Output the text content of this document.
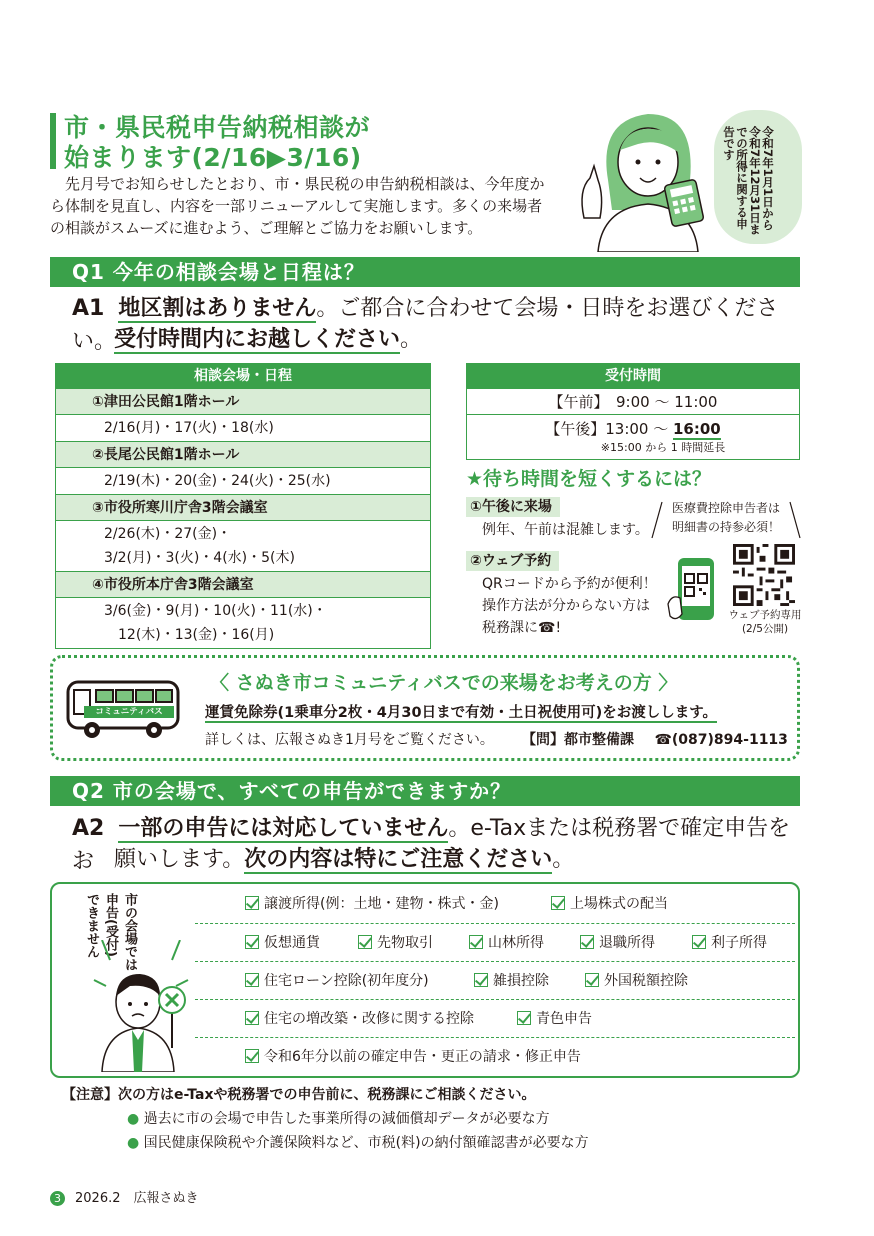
市・県民税申告納税相談が
始まります(2/16▶3/16)
　先月号でお知らせしたとおり、市・県民税の申告納税相談は、今年度から体制を見直し、内容を一部リニューアルして実施します。多くの来場者の相談がスムーズに進むよう、ご理解とご協力をお願いします。	令和7年1月1日から令和7年12月31日までの所得に関する申告です
Q1 今年の相談会場と日程は？
A1 地区割はありません。ご都合に合わせて会場・日時をお選びください。
受付時間内にお越しください。
相談会場・日程
①津田公民館1階ホール
2/16(月)・17(火)・18(水)
②長尾公民館1階ホール
2/19(木)・20(金)・24(火)・25(水)
③市役所寒川庁舎3階会議室
2/26(木)・27(金)・
3/2(月)・3(火)・4(水)・5(木)
④市役所本庁舎3階会議室
3/6(金)・9(月)・10(火)・11(水)・
　12(木)・13(金)・16(月)
受付時間
【午前】　9:00 ～ 11:00
【午後】13:00 ～ 16:00
※15:00 から 1 時間延長
★待ち時間を短くするには？
①午後に来場
例年、午前は混雑します。
医療費控除申告者は
明細書の持参必須！
②ウェブ予約
QRコードから予約が便利！
操作方法が分からない方は
税務課に☎!
ウェブ予約専用
(2/5公開)
コミュニティバス
〈 さぬき市コミュニティバスでの来場をお考えの方 〉
運賃免除券(1乗車分2枚・4月30日まで有効・土日祝使用可)をお渡しします。
詳しくは、広報さぬき1月号をご覧ください。 【問】都市整備課 ☎(087)894-1113
Q2 市の会場で、すべての申告ができますか？
A2 一部の申告には対応していません。e-Taxまたは税務署で確定申告をお 願いします。次の内容は特にご注意ください。
市の会場では
申告(受付)
できません	譲渡所得(例：土地・建物・株式・金)	上場株式の配当
仮想通貨	先物取引	山林所得	退職所得	利子所得
住宅ローン控除(初年度分)	雑損控除	外国税額控除
住宅の増改築・改修に関する控除	青色申告
令和6年分以前の確定申告・更正の請求・修正申告
【注意】次の方はe-Taxや税務署での申告前に、税務課にご相談ください。
● 過去に市の会場で申告した事業所得の減価償却データが必要な方
● 国民健康保険税や介護保険料など、市税(料)の納付額確認書が必要な方
3 2026.2　広報さぬき
